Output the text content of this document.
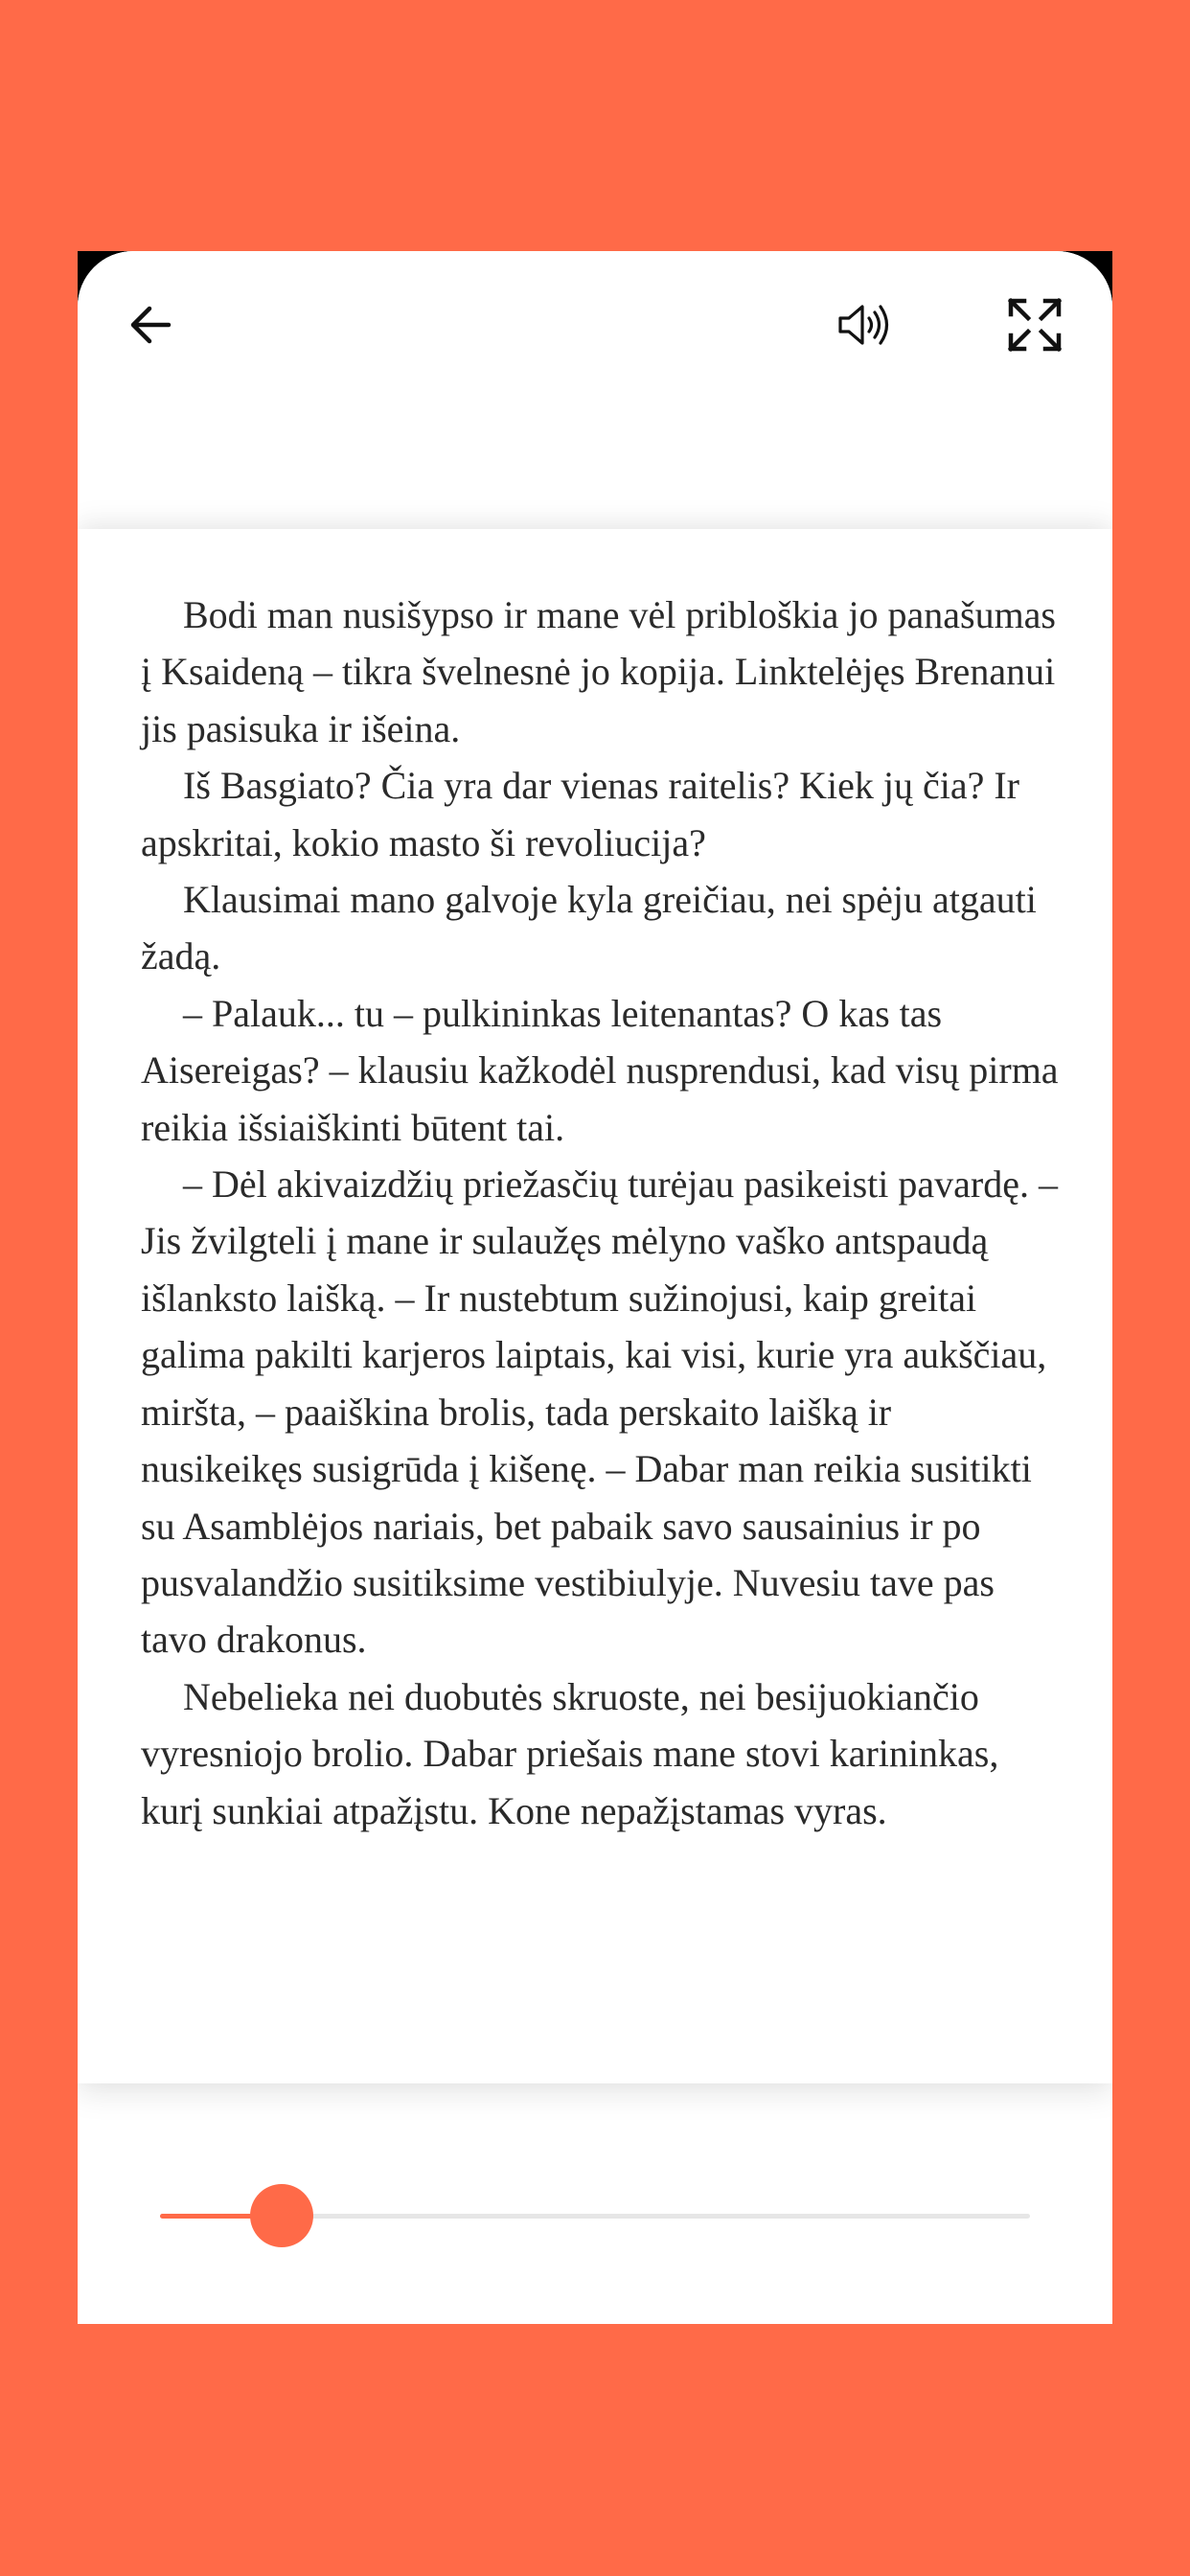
Bodi man nusišypso ir mane vėl pribloškia jo panašumas į Ksaideną – tikra švelnesnė jo kopija. Linktelėjęs Brenanui jis pasisuka ir išeina.

Iš Basgiato? Čia yra dar vienas raitelis? Kiek jų čia? Ir apskritai, kokio masto ši revoliucija?

Klausimai mano galvoje kyla greičiau, nei spėju atgauti žadą.

– Palauk... tu – pulkininkas leitenantas? O kas tas Aisereigas? – klausiu kažkodėl nusprendusi, kad visų pirma reikia išsiaiškinti būtent tai.

– Dėl akivaizdžių priežasčių turėjau pasikeisti pavardę. – Jis žvilgteli į mane ir sulaužęs mėlyno vaško antspaudą išlanksto laišką. – Ir nustebtum sužinojusi, kaip greitai galima pakilti karjeros laiptais, kai visi, kurie yra aukščiau, miršta, – paaiškina brolis, tada perskaito laišką ir nusikeikęs susigrūda į kišenę. – Dabar man reikia susitikti su Asamblėjos nariais, bet pabaik savo sausainius ir po pusvalandžio susitiksime vestibiulyje. Nuvesiu tave pas tavo drakonus.

Nebelieka nei duobutės skruoste, nei besijuokiančio vyresniojo brolio. Dabar priešais mane stovi karininkas, kurį sunkiai atpažįstu. Kone nepažįstamas vyras.
